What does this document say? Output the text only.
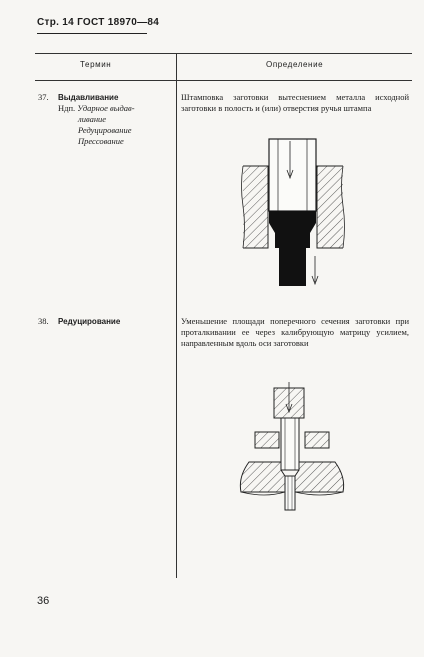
Стр. 14 ГОСТ 18970—84
Термин	Определение
37. Выдавливание
Ндп. Ударное выдав-
ливание
Редуцирование
Прессование
Штамповка заготовки вытеснением металла исходной заготовки в полость и (или) отверстия ручья штампа
38. Редуцирование	Уменьшение площади поперечного сечения заготовки при проталкивании ее через калибрующую матрицу усилием, направленным вдоль оси заготовки
36
